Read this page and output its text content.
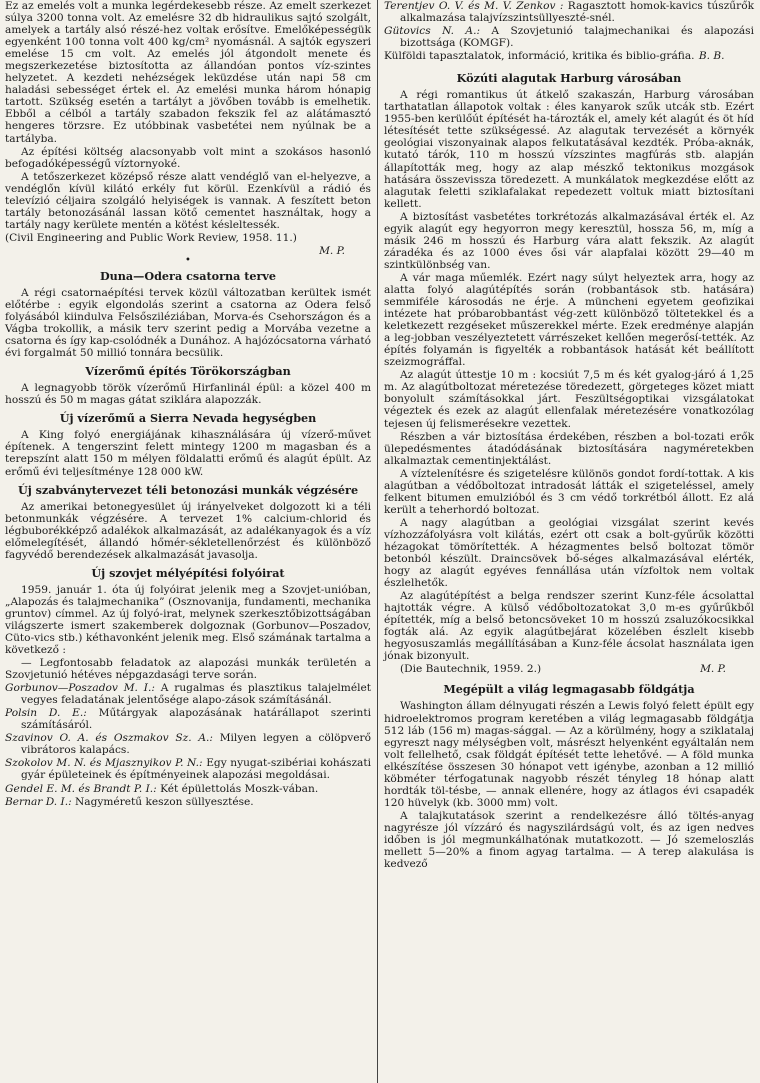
Ez az emelés volt a munka legérdekesebb része. Az emelt szerkezet súlya 3200 tonna volt. Az emelésre 32 db hidraulikus sajtó szolgált, amelyek a tartály alsó részé-hez voltak erősítve. Emelőképességük egyenként 100 tonna volt 400 kg/cm² nyomásnál. A sajtók egyszeri emelése 15 cm volt. Az emelés jól átgondolt menete és megszerkezetése biztosította az állandóan pontos víz-szintes helyzetet. A kezdeti nehézségek leküzdése után napi 58 cm haladási sebességet értek el. Az emelési munka három hónapig tartott. Szükség esetén a tartályt a jövőben tovább is emelhetik. Ebből a célból a tartály szabadon fekszik fel az alátámasztó hengeres törzsre. Ez utóbbinak vasbetétei nem nyúlnak be a tartályba.

Az építési költség alacsonyabb volt mint a szokásos hasonló befogadóképességű víztornyoké.

A tetőszerkezet középső része alatt vendéglő van el-helyezve, a vendéglőn kívül kilátó erkély fut körül. Ezenkívül a rádió és televízió céljaira szolgáló helyiségek is vannak. A feszített beton tartály betonozásánál lassan kötő cementet használtak, hogy a tartály nagy kerülete mentén a kötést késleltessék.

(Civil Engineering and Public Work Review, 1958. 11.)

M. P.

•
Duna—Odera csatorna terve

A régi csatornaépítési tervek közül változatban kerültek ismét előtérbe : egyik elgondolás szerint a csatorna az Odera felső folyásából kiindulva Felsősziléziában, Morva-és Csehországon és a Vágba trokollik, a másik terv szerint pedig a Morvába vezetne a csatorna és így kap-csolódnék a Dunához. A hajózócsatorna várható évi forgalmát 50 millió tonnára becsülik.

Vízerőmű építés Törökországban

A legnagyobb török vízerőmű Hirfanlinál épül: a közel 400 m hosszú és 50 m magas gátat sziklára alapozzák.

Új vízerőmű a Sierra Nevada hegységben

A King folyó energiájának kihasználására új vízerő-művet építenek. A tengerszint felett mintegy 1200 m magasban és a terepszínt alatt 150 m mélyen földalatti erőmű és alagút épült. Az erőmű évi teljesítménye 128 000 kW.

Új szabványtervezet téli betonozási munkák végzésére

Az amerikai betonegyesület új irányelveket dolgozott ki a téli betonmunkák végzésére. A tervezet 1% calcium-chlorid és légbuborékképző adalékok alkalmazását, az adalékanyagok és a víz előmelegítését, állandó hőmér-sékletellenőrzést és különböző fagyvédő berendezések alkalmazását javasolja.

Új szovjet mélyépítési folyóirat

1959. január 1. óta új folyóirat jelenik meg a Szovjet-unióban, „Alapozás és talajmechanika” (Osznovanija, fundamenti, mechanika gruntov) címmel. Az új folyó-irat, melynek szerkesztőbizottságában világszerte ismert szakemberek dolgoznak (Gorbunov—Poszadov, Cüto-vics stb.) kéthavonként jelenik meg. Első számának tartalma a következő :

— Legfontosabb feladatok az alapozási munkák területén a Szovjetunió hétéves népgazdasági terve során.

Gorbunov—Poszadov M. I.: A rugalmas és plasztikus talajelmélet vegyes feladatának jelentősége alapo-zások számításánál.

Polsin D. E.: Műtárgyak alapozásának határállapot szerinti számításáról.

Szavinov O. A. és Oszmakov Sz. A.: Milyen legyen a cölöpverő vibrátoros kalapács.

Szokolov M. N. és Mjasznyikov P. N.: Egy nyugat-szibériai kohászati gyár épületeinek és építményeinek alapozási megoldásai.

Gendel E. M. és Brandt P. I.: Két épülettolás Moszk-vában.

Bernar D. I.: Nagyméretű keszon süllyesztése.

Terentjev O. V. és M. V. Zenkov : Ragasztott homok-kavics túszűrők alkalmazása talajvízszintsüllyeszté-snél.

Gütovics N. A.: A Szovjetunió talajmechanikai és alapozási bizottsága (KOMGF).

Külföldi tapasztalatok, információ, kritika és biblio-gráfia. B. B.

Közúti alagutak Harburg városában

A régi romantikus út átkelő szakaszán, Harburg városában tarthatatlan állapotok voltak : éles kanyarok szűk utcák stb. Ezért 1955-ben kerülőút építését ha-tározták el, amely két alagút és öt híd létesítését tette szükségessé. Az alagutak tervezését a környék geológiai viszonyainak alapos felkutatásával kezdték. Próba-aknák, kutató tárók, 110 m hosszú vízszintes magfúrás stb. alapján állapították meg, hogy az alap mészkő tektonikus mozgások hatására összevissza töredezett. A munkálatok megkezdése előtt az alagutak feletti sziklafalakat repedezett voltuk miatt biztosítani kellett.

A biztosítást vasbetétes torkrétozás alkalmazásával érték el. Az egyik alagút egy hegyorron megy keresztül, hossza 56, m, míg a másik 246 m hosszú és Harburg vára alatt fekszik. Az alagút záradéka és az 1000 éves ősi vár alapfalai között 29—40 m szintkülönbség van.

A vár maga műemlék. Ezért nagy súlyt helyeztek arra, hogy az alatta folyó alagútépítés során (robbantások stb. hatására) semmiféle károsodás ne érje. A müncheni egyetem geofizikai intézete hat próbarobbantást vég-zett különböző töltetekkel és a keletkezett rezgéseket műszerekkel mérte. Ezek eredménye alapján a leg-jobban veszélyeztetett várrészeket kellően megerősí-tették. Az építés folyamán is figyelték a robbantások hatását két beállított szeizmográffal.

Az alagút úttestje 10 m : kocsiút 7,5 m és két gyalog-járó á 1,25 m. Az alagútboltozat méretezése töredezett, görgeteges közet miatt bonyolult számításokkal járt. Feszültségoptikai vizsgálatokat végeztek és ezek az alagút ellenfalak méretezésére vonatkozólag tejesen új felismerésekre vezettek.

Részben a vár biztosítása érdekében, részben a bol-tozati erők ülepedésmentes átadódásának biztosítására nagyméretekben alkalmaztak cementinjektálást.

A víztelenítésre és szigetelésre különös gondot fordí-tottak. A kis alagútban a védőboltozat intradosát látták el szigeteléssel, amely felkent bitumen emulzióból és 3 cm védő torkrétból állott. Ez alá került a teherhordó boltozat.

A nagy alagútban a geológiai vizsgálat szerint kevés vízhozzáfolyásra volt kilátás, ezért ott csak a bolt-gyűrűk közötti hézagokat tömörítették. A hézagmentes belső boltozat tömör betonból készült. Draincsövek bő-séges alkalmazásával elérték, hogy az alagút egyéves fennállása után vízfoltok nem voltak észlelhetők.

Az alagútépítést a belga rendszer szerint Kunz-féle ácsolattal hajtották végre. A külső védőboltozatokat 3,0 m-es gyűrűkből építették, míg a belső betoncsöveket 10 m hosszú zsaluzókocsikkal fogták alá. Az egyik alagútbejárat közelében észlelt kisebb hegyosuszamlás megállításában a Kunz-féle ácsolat használata igen jónak bizonyult.

(Die Bautechnik, 1959. 2.)	M. P.

Megépült a világ legmagasabb földgátja

Washington állam délnyugati részén a Lewis folyó felett épült egy hidroelektromos program keretében a világ legmagasabb földgátja 512 láb (156 m) magas-sággal. — Az a körülmény, hogy a sziklatalaj egyreszt nagy mélységben volt, másrészt helyenként egyáltalán nem volt fellelhető, csak földgát építését tette lehetővé. — A föld munka elkészítése összesen 30 hónapot vett igénybe, azonban a 12 millió köbméter térfogatunak nagyobb részét tényleg 18 hónap alatt hordták töl-tésbe, — annak ellenére, hogy az átlagos évi csapadék 120 hüvelyk (kb. 3000 mm) volt.

A talajkutatások szerint a rendelkezésre álló töltés-anyag nagyrésze jól vízzáró és nagyszilárdságú volt, és az igen nedves időben is jól megmunkálhatónak mutatkozott. — Jó szemeloszlás mellett 5—20% a finom agyag tartalma. — A terep alakulása is kedvező
